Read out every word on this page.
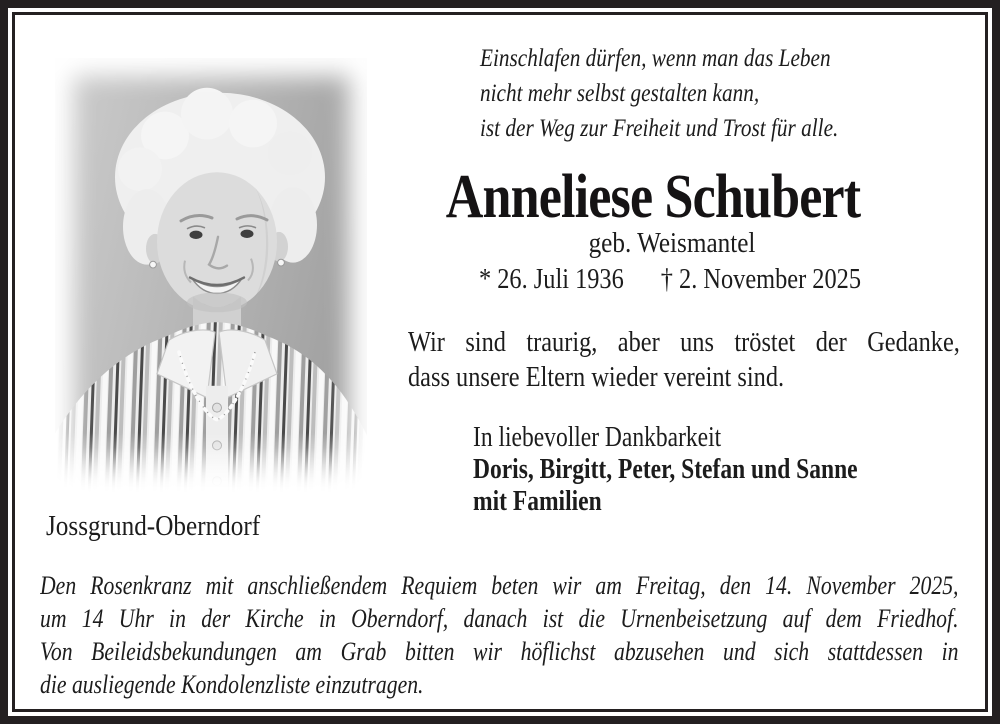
Einschlafen dürfen, wenn man das Leben
nicht mehr selbst gestalten kann,
ist der Weg zur Freiheit und Trost für alle.
Anneliese Schubert
geb. Weismantel
* 26. Juli 1936 † 2. November 2025
Wir sind traurig, aber uns tröstet der Gedanke,
dass unsere Eltern wieder vereint sind.
In liebevoller Dankbarkeit
Doris, Birgitt, Peter, Stefan und Sanne
mit Familien
Jossgrund-Oberndorf
Den Rosenkranz mit anschließendem Requiem beten wir am Freitag, den 14. November 2025,
um 14 Uhr in der Kirche in Oberndorf, danach ist die Urnenbeisetzung auf dem Friedhof.
Von Beileidsbekundungen am Grab bitten wir höflichst abzusehen und sich stattdessen in
die ausliegende Kondolenzliste einzutragen.
